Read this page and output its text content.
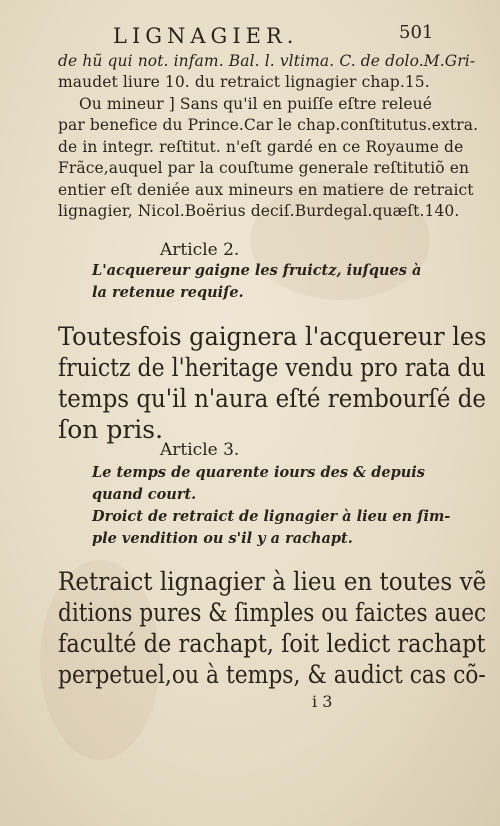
LIGNAGIER.	501
de hũ qui not. infam. Bal. l. vltima. C. de dolo.M.Gri-
maudet liure 10. du retraict lignagier chap.15.
Ou mineur ] Sans qu'il en puiſſe eſtre releué
par benefice du Prince.Car le chap.conſtitutus.extra.
de in integr. reſtitut. n'eſt gardé en ce Royaume de
Frãce,auquel par la couſtume generale reſtitutiõ en
entier eſt deniée aux mineurs en matiere de retraict
lignagier, Nicol.Boërius deciſ.Burdegal.quæſt.140.
Article 2.
L'acquereur gaigne les fruictz, iuſques à
la retenue requiſe.
Toutesfois gaignera l'acquereur les
fruictz de l'heritage vendu pro rata du
temps qu'il n'aura eſté rembourſé de
ſon pris.
Article 3.
Le temps de quarente iours des & depuis
quand court.
Droict de retraict de lignagier à lieu en ſim-
ple vendition ou s'il y a rachapt.
Retraict lignagier à lieu en toutes vẽ
ditions pures & ſimples ou faictes auec
faculté de rachapt, ſoit ledict rachapt
perpetuel,ou à temps, & audict cas cõ-
i 3
